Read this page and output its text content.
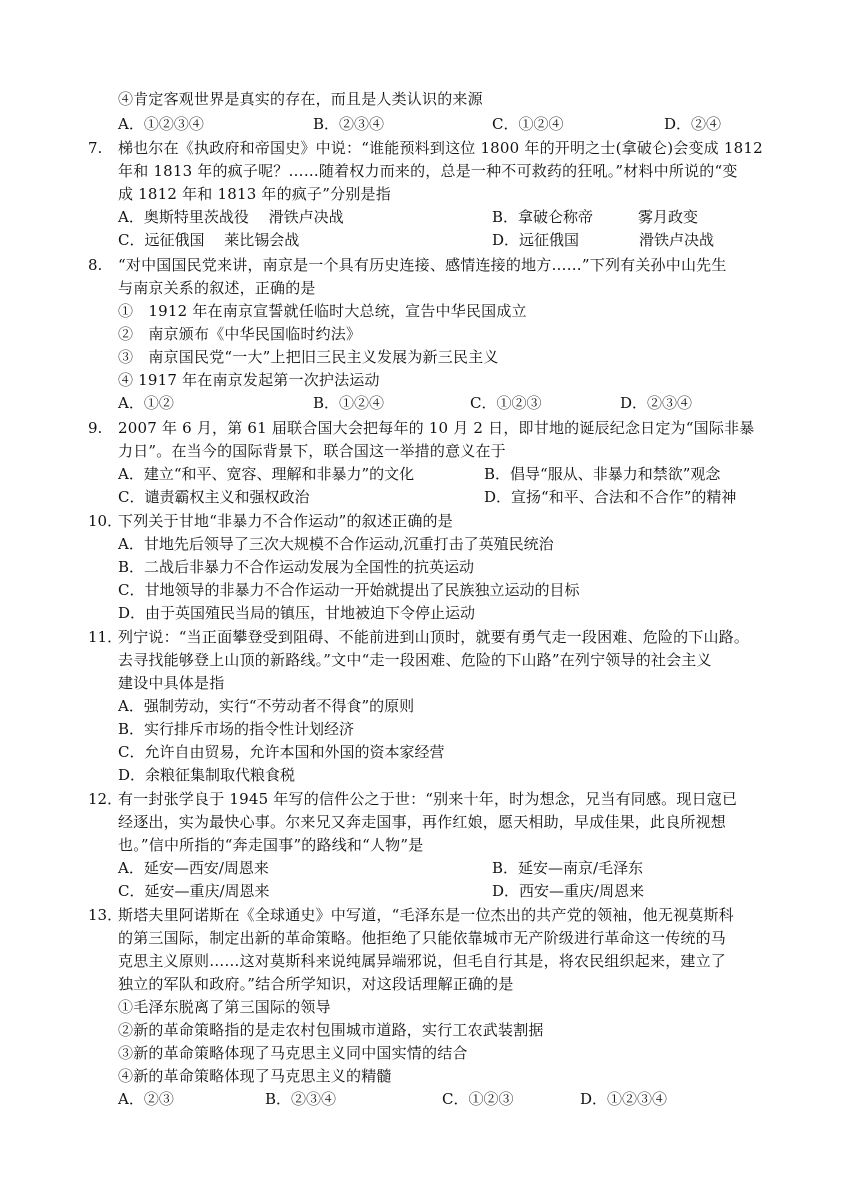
④肯定客观世界是真实的存在，而且是人类认识的来源
A．①②③④	B．②③④	C．①②④	D．②④
7. 梯也尔在《执政府和帝国史》中说：“谁能预料到这位 1800 年的开明之士(拿破仑)会变成 1812
年和 1813 年的疯子呢？……随着权力而来的，总是一种不可救药的狂吼。”材料中所说的“变
成 1812 年和 1813 年的疯子”分别是指
A．奥斯特里茨战役　 滑铁卢决战	B．拿破仑称帝　　　雾月政变
C．远征俄国　 莱比锡会战	D．远征俄国　　　　滑铁卢决战
8. “对中国国民党来讲，南京是一个具有历史连接、感情连接的地方……”下列有关孙中山先生
与南京关系的叙述，正确的是
①　1912 年在南京宣誓就任临时大总统，宣告中华民国成立
②　南京颁布《中华民国临时约法》
③　南京国民党“一大”上把旧三民主义发展为新三民主义
④ 1917 年在南京发起第一次护法运动
A．①②	B．①②④	C．①②③	D．②③④
9. 2007 年 6 月，第 61 届联合国大会把每年的 10 月 2 日，即甘地的诞辰纪念日定为“国际非暴
力日”。在当今的国际背景下，联合国这一举措的意义在于
A．建立“和平、宽容、理解和非暴力”的文化	B．倡导“服从、非暴力和禁欲”观念
C．谴责霸权主义和强权政治	D．宣扬“和平、合法和不合作”的精神
10．
下列关于甘地“非暴力不合作运动”的叙述正确的是
A．甘地先后领导了三次大规模不合作运动,沉重打击了英殖民统治
B．二战后非暴力不合作运动发展为全国性的抗英运动
C．甘地领导的非暴力不合作运动一开始就提出了民族独立运动的目标
D．由于英国殖民当局的镇压，甘地被迫下令停止运动
11．
列宁说：“当正面攀登受到阻碍、不能前进到山顶时，就要有勇气走一段困难、危险的下山路。
去寻找能够登上山顶的新路线。”文中“走一段困难、危险的下山路”在列宁领导的社会主义
建设中具体是指
A．强制劳动，实行“不劳动者不得食”的原则
B．实行排斥市场的指令性计划经济
C．允许自由贸易，允许本国和外国的资本家经营
D．余粮征集制取代粮食税
12．
有一封张学良于 1945 年写的信件公之于世：“别来十年，时为想念，兄当有同感。现日寇已
经逐出，实为最快心事。尔来兄又奔走国事，再作红娘，愿天相助，早成佳果，此良所视想
也。”信中所指的“奔走国事”的路线和“人物”是
A．延安—西安/周恩来	B．延安—南京/毛泽东
C．延安—重庆/周恩来	D．西安—重庆/周恩来
13．
斯塔夫里阿诺斯在《全球通史》中写道，“毛泽东是一位杰出的共产党的领袖，他无视莫斯科
的第三国际，制定出新的革命策略。他拒绝了只能依靠城市无产阶级进行革命这一传统的马
克思主义原则……这对莫斯科来说纯属异端邪说，但毛自行其是，将农民组织起来，建立了
独立的军队和政府。”结合所学知识，对这段话理解正确的是
①毛泽东脱离了第三国际的领导
②新的革命策略指的是走农村包围城市道路，实行工农武装割据
③新的革命策略体现了马克思主义同中国实情的结合
④新的革命策略体现了马克思主义的精髓
A．②③	B．②③④	C．①②③	D．①②③④
